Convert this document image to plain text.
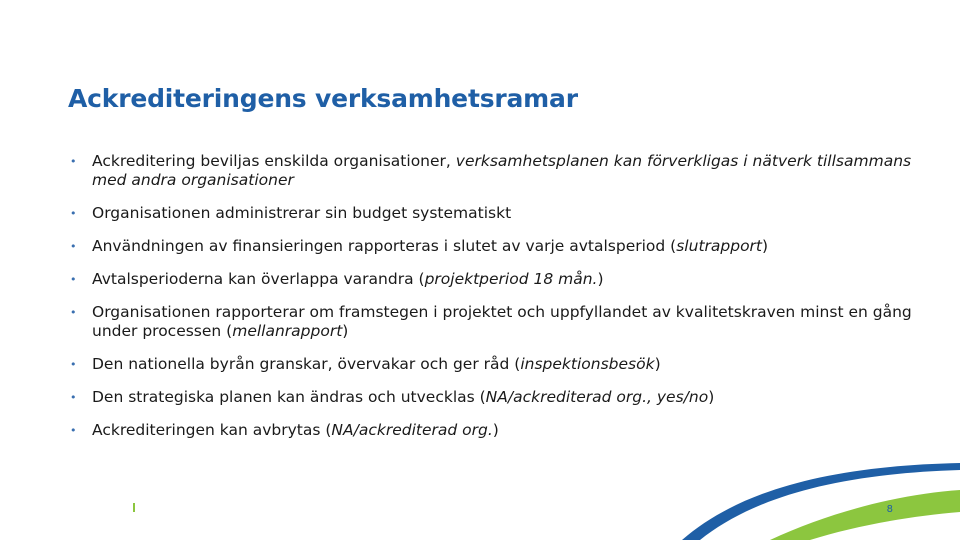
Ackrediteringens verksamhetsramar
• Ackreditering beviljas enskilda organisationer, verksamhetsplanen kan förverkligas i nätverk tillsammans med andra organisationer
• Organisationen administrerar sin budget systematiskt
• Användningen av finansieringen rapporteras i slutet av varje avtalsperiod (slutrapport)
• Avtalsperioderna kan överlappa varandra (projektperiod 18 mån.)
• Organisationen rapporterar om framstegen i projektet och uppfyllandet av kvalitetskraven minst en gång under processen (mellanrapport)
• Den nationella byrån granskar, övervakar och ger råd (inspektionsbesök)
• Den strategiska planen kan ändras och utvecklas (NA/ackrediterad org., yes/no)
• Ackrediteringen kan avbrytas (NA/ackrediterad org.)
8
